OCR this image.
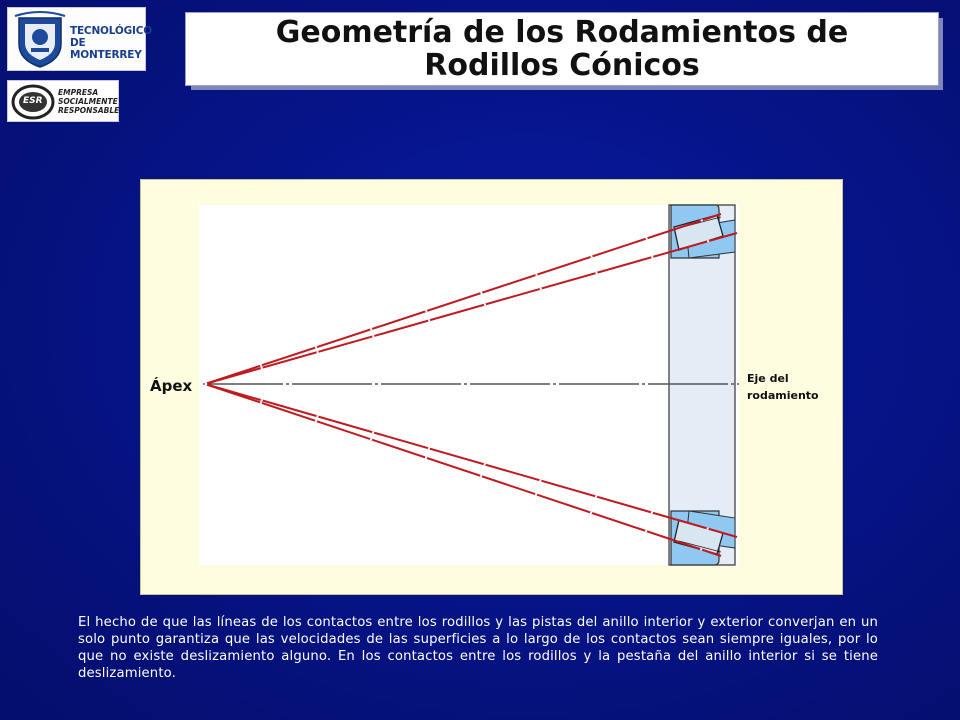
TECNOLÓGICO
DE MONTERREY
ESR
EMPRESA
SOCIALMENTE
RESPONSABLE
Geometría de los Rodamientos de
Rodillos Cónicos
Ápex	Eje del
rodamiento
El hecho de que las líneas de los contactos entre los rodillos y las pistas del anillo interior y exterior converjan en un solo punto garantiza que las velocidades de las superficies a lo largo de los contactos sean siempre iguales, por lo que no existe deslizamiento alguno. En los contactos entre los rodillos y la pestaña del anillo interior si se tiene deslizamiento.
